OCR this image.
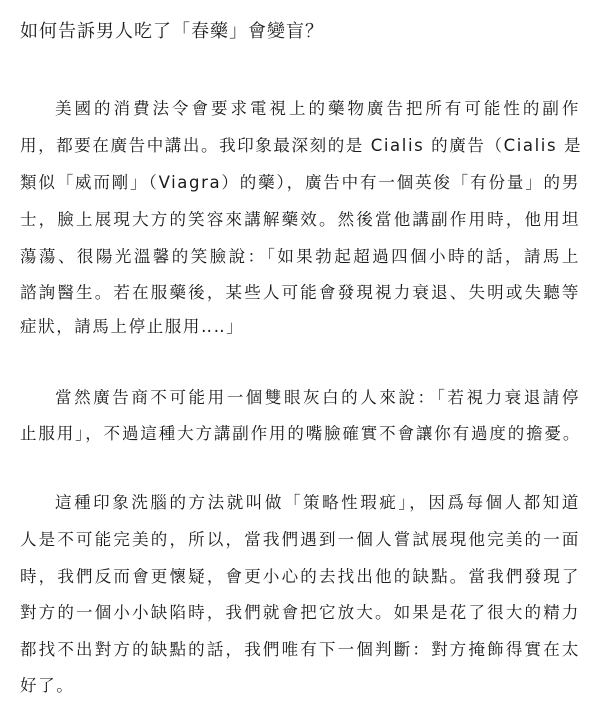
如何告訴男人吃了「春藥」會變盲？
美國的消費法令會要求電視上的藥物廣告把所有可能性的副作
用，都要在廣告中講出。我印象最深刻的是 Cialis 的廣告（Cialis 是
類似「威而剛」（Viagra）的藥），廣告中有一個英俊「有份量」的男
士，臉上展現大方的笑容來講解藥效。然後當他講副作用時，他用坦
蕩蕩、很陽光溫馨的笑臉說：「如果勃起超過四個小時的話，請馬上
諮詢醫生。若在服藥後，某些人可能會發現視力衰退、失明或失聽等
症狀，請馬上停止服用‥‥」
當然廣告商不可能用一個雙眼灰白的人來說：「若視力衰退請停
止服用」，不過這種大方講副作用的嘴臉確實不會讓你有過度的擔憂。
這種印象洗腦的方法就叫做「策略性瑕疵」，因爲每個人都知道
人是不可能完美的，所以，當我們遇到一個人嘗試展現他完美的一面
時，我們反而會更懷疑，會更小心的去找出他的缺點。當我們發現了
對方的一個小小缺陷時，我們就會把它放大。如果是花了很大的精力
都找不出對方的缺點的話，我們唯有下一個判斷：對方掩飾得實在太
好了。
